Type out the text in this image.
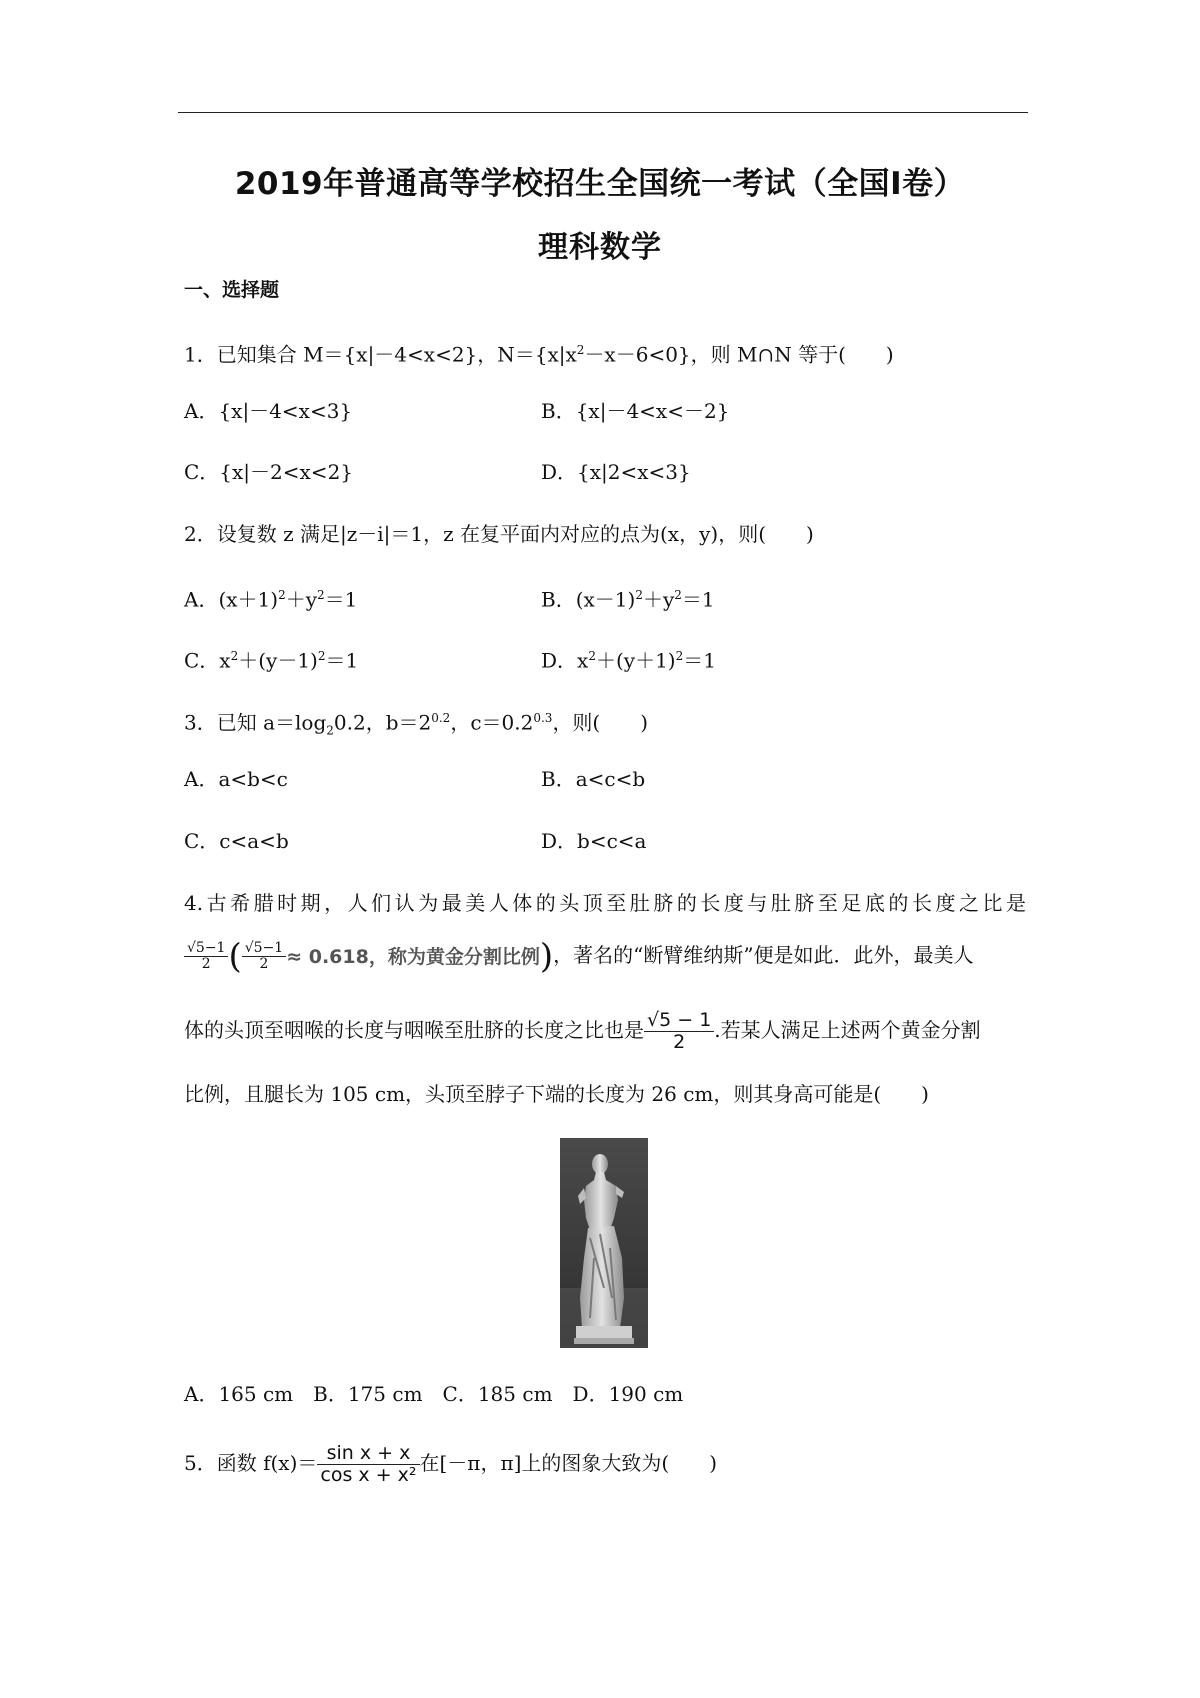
2019年普通高等学校招生全国统一考试（全国Ⅰ卷）
理科数学
一、选择题
1．已知集合 M＝{x|－4<x<2}，$N=\{x|x^2-x-6<0\}$，则 M∩N 等于(　　)
A．{x|－4<x<3}	B．{x|－4<x<－2}
C．{x|－2<x<2}	D．{x|2<x<3}
2．设复数 z 满足|z－i|＝1，z 在复平面内对应的点为(x，y)，则(　　)
A．$(x+1)^2+y^2=1$	B．$(x-1)^2+y^2=1$
C．$x^2+(y-1)^2=1$	D．$x^2+(y+1)^2=1$
3．已知 $a=\log_20.2$，$b=2^{0.2}$，$c=0.2^{0.3}$，则(　　)
A．a<b<c	B．a<c<b
C．c<a<b	D．b<c<a
4.古希腊时期，人们认为最美人体的头顶至肚脐的长度与肚脐至足底的长度之比是
$\frac{√5-1}{2}$ ( $\frac{√5-1}{2} \approx 0.618$，称为黄金分割比例)，著名的“断臂维纳斯”便是如此．此外，最美人
体的头顶至咽喉的长度与咽喉至肚脐的长度之比也是 $\frac{√5 - 1}{2}$ .若某人满足上述两个黄金分割
比例，且腿长为 105 cm，头顶至脖子下端的长度为 26 cm，则其身高可能是(　　)
A．165 cm　B．175 cm　C．185 cm　D．190 cm
5．函数 $f(x)= \frac{\text{sin x + x}}{\text{cos x + x²}}$ 在[－π，π]上的图象大致为(　　)
